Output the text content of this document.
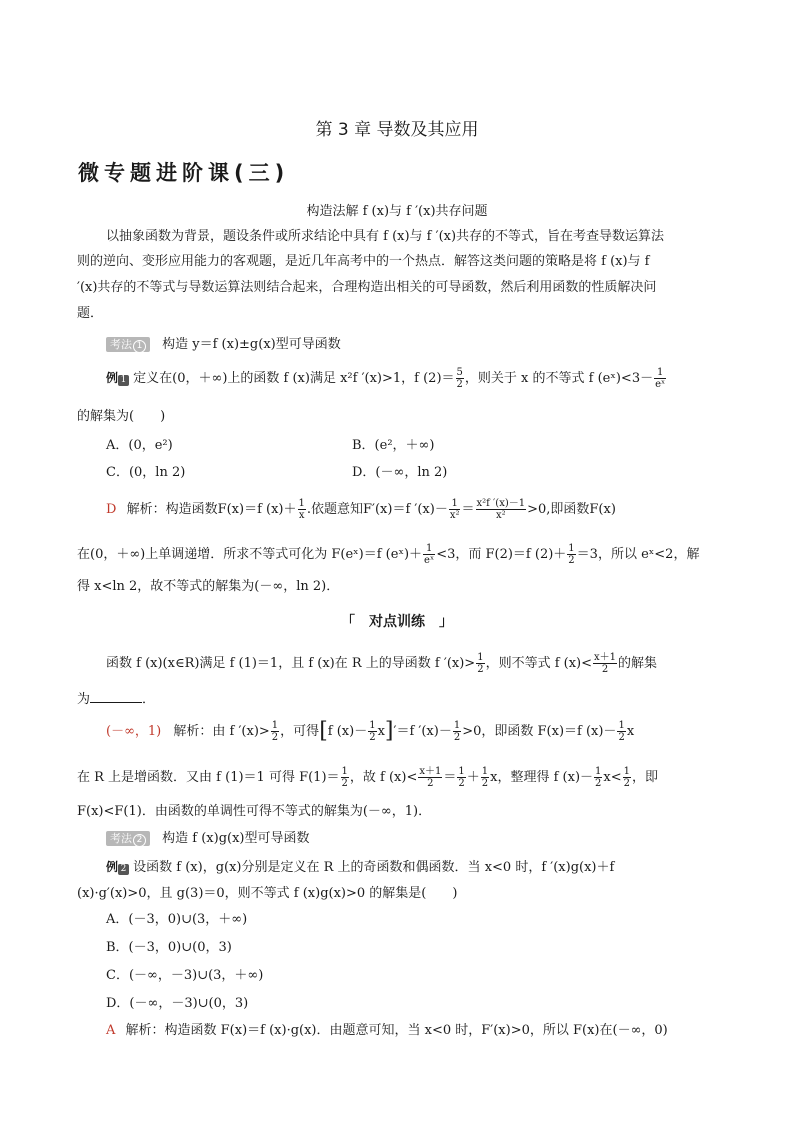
第 3 章 导数及其应用
微专题进阶课(三)
构造法解 f (x)与 f ′(x)共存问题
以抽象函数为背景，题设条件或所求结论中具有 f (x)与 f ′(x)共存的不等式，旨在考查导数运算法
则的逆向、变形应用能力的客观题，是近几年高考中的一个热点．解答这类问题的策略是将 f (x)与 f
′(x)共存的不等式与导数运算法则结合起来，合理构造出相关的可导函数，然后利用函数的性质解决问
题．
考法 1 构造 y＝f (x)±g(x)型可导函数
例 1 定义在(0，＋∞)上的函数 f (x)满足 x²f ′(x)>1，f $(2)= \frac{5}{2}$ ，则关于 x 的不等式 f (eˣ)<3－ $\frac{1}{\text{eˣ}}$
的解集为(　　)
A．(0，e²)	B．(e²，＋∞)
C．(0，ln 2)	D．(－∞，ln 2)
D 解析：构造函数F(x)＝f $(x)+ \frac{1}{x}$ .依题意知F′(x)＝f $'(x)- \frac{1}{\text{x²}} = \frac{\text{x²f ′(x)－1}}{\text{x²}} >0$,即函数F(x)
在(0，＋∞)上单调递增．所求不等式可化为 F(eˣ)＝f (eˣ)＋ $\frac{1}{\text{eˣ}} <3$，而 F(2)＝f $(2)+ \frac{1}{2} =3$，所以 eˣ<2，解
得 x<ln 2，故不等式的解集为(－∞，ln 2)．
「　对点训练　」
函数 f (x)(x∈R)满足 f (1)＝1，且 f (x)在 R 上的导函数 f $'(x)> \frac{1}{2}$ ，则不等式 f $(x)< \frac{x+1}{2}$ 的解集
为	．
(－∞，1) 解析：由 f $'(x)> \frac{1}{2}$ ，可得[f $(x)- \frac{1}{2} x]'=f$ $'(x)- \frac{1}{2} >0$，即函数 F(x)＝f $(x)- \frac{1}{2}$ x
在 R 上是增函数．又由 f (1)＝1 可得 $F(1)= \frac{1}{2}$ ，故 f $(x)< \frac{x+1}{2} = \frac{1}{2} + \frac{1}{2}$ x，整理得 f $(x)- \frac{1}{2} x< \frac{1}{2}$ ，即
F(x)<F(1)．由函数的单调性可得不等式的解集为(－∞，1)．
考法 2 构造 f (x)g(x)型可导函数
例 2 设函数 f (x)，g(x)分别是定义在 R 上的奇函数和偶函数．当 x<0 时，f ′(x)g(x)＋f
(x)·g′(x)>0，且 g(3)＝0，则不等式 f (x)g(x)>0 的解集是(　　)
A．(－3，0)∪(3，＋∞)
B．(－3，0)∪(0，3)
C．(－∞，－3)∪(3，＋∞)
D．(－∞，－3)∪(0，3)
A 解析：构造函数 F(x)＝f (x)·g(x)．由题意可知，当 x<0 时，F′(x)>0，所以 F(x)在(－∞，0)
